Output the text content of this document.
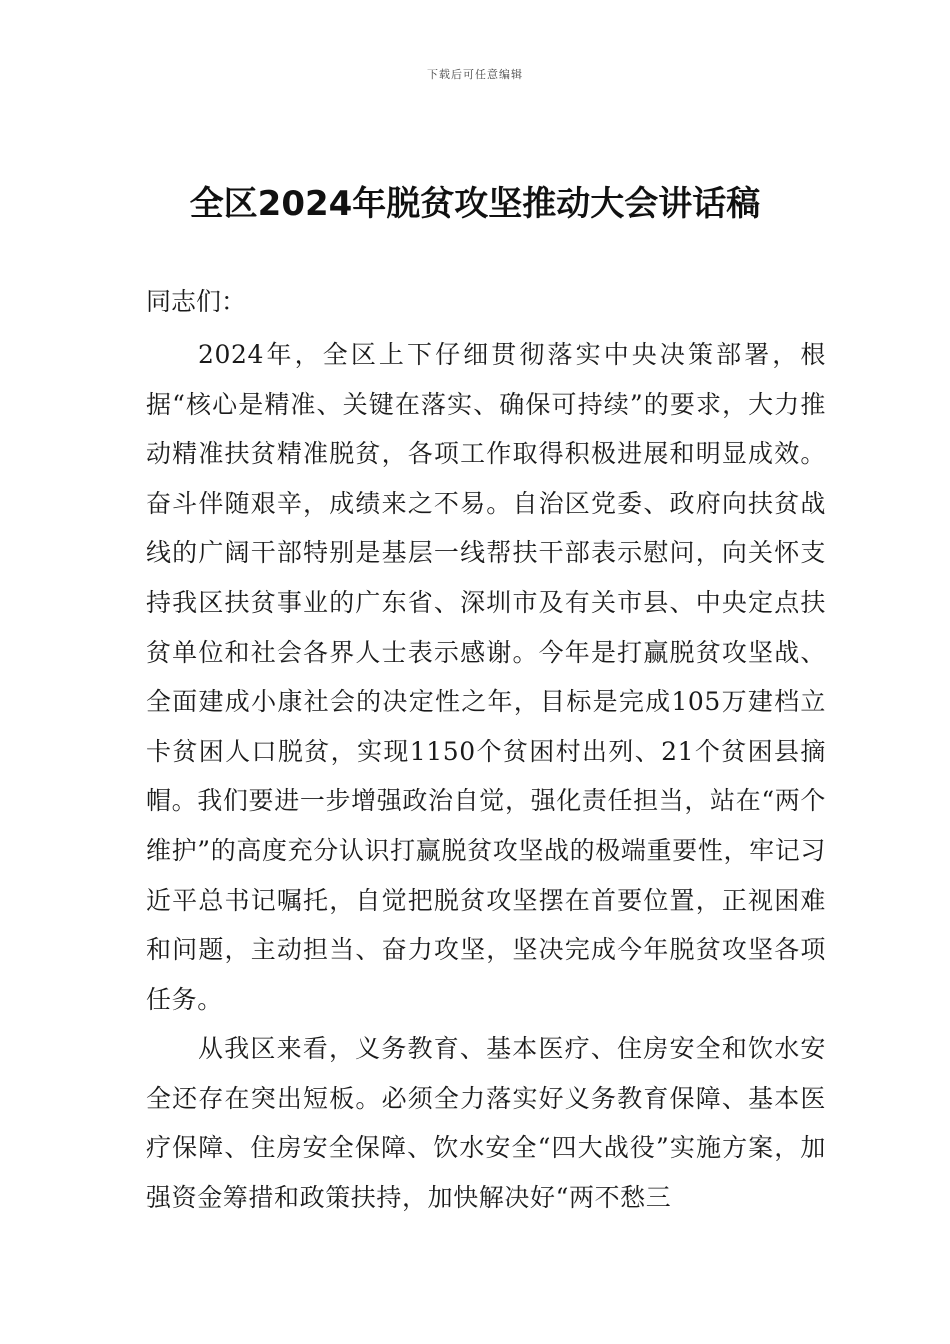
下载后可任意编辑
全区2024年脱贫攻坚推动大会讲话稿
同志们：

2024年，全区上下仔细贯彻落实中央决策部署，根据“核心是精准、关键在落实、确保可持续”的要求，大力推动精准扶贫精准脱贫，各项工作取得积极进展和明显成效。奋斗伴随艰辛，成绩来之不易。自治区党委、政府向扶贫战线的广阔干部特别是基层一线帮扶干部表示慰问，向关怀支持我区扶贫事业的广东省、深圳市及有关市县、中央定点扶贫单位和社会各界人士表示感谢。今年是打赢脱贫攻坚战、全面建成小康社会的决定性之年，目标是完成105万建档立卡贫困人口脱贫，实现1150个贫困村出列、21个贫困县摘帽。我们要进一步增强政治自觉，强化责任担当，站在“两个维护”的高度充分认识打赢脱贫攻坚战的极端重要性，牢记习近平总书记嘱托，自觉把脱贫攻坚摆在首要位置，正视困难和问题，主动担当、奋力攻坚，坚决完成今年脱贫攻坚各项任务。

从我区来看，义务教育、基本医疗、住房安全和饮水安全还存在突出短板。必须全力落实好义务教育保障、基本医疗保障、住房安全保障、饮水安全“四大战役”实施方案，加强资金筹措和政策扶持，加快解决好“两不愁三
